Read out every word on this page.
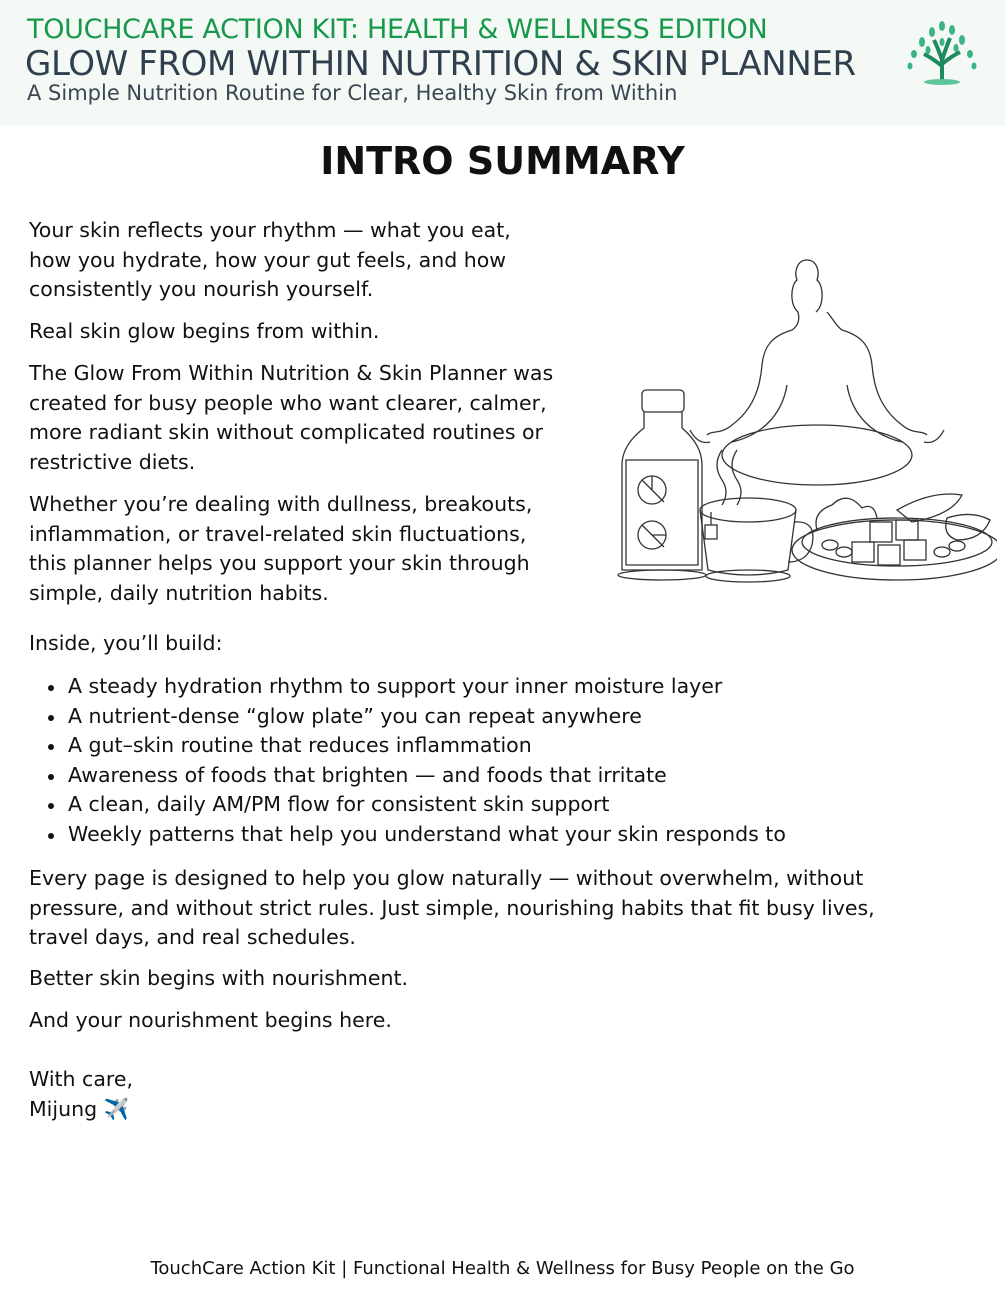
TOUCHCARE ACTION KIT: HEALTH & WELLNESS EDITION
GLOW FROM WITHIN NUTRITION & SKIN PLANNER
A Simple Nutrition Routine for Clear, Healthy Skin from Within
INTRO SUMMARY
Your skin reflects your rhythm — what you eat,
how you hydrate, how your gut feels, and how
consistently you nourish yourself.
Real skin glow begins from within.
The Glow From Within Nutrition & Skin Planner was
created for busy people who want clearer, calmer,
more radiant skin without complicated routines or
restrictive diets.
Whether you’re dealing with dullness, breakouts,
inflammation, or travel-related skin fluctuations,
this planner helps you support your skin through
simple, daily nutrition habits.
Inside, you’ll build:
A steady hydration rhythm to support your inner moisture layer
A nutrient-dense “glow plate” you can repeat anywhere
A gut–skin routine that reduces inflammation
Awareness of foods that brighten — and foods that irritate
A clean, daily AM/PM flow for consistent skin support
Weekly patterns that help you understand what your skin responds to
Every page is designed to help you glow naturally — without overwhelm, without
pressure, and without strict rules. Just simple, nourishing habits that fit busy lives,
travel days, and real schedules.
Better skin begins with nourishment.
And your nourishment begins here.
With care,
Mijung ✈️
TouchCare Action Kit | Functional Health & Wellness for Busy People on the Go
